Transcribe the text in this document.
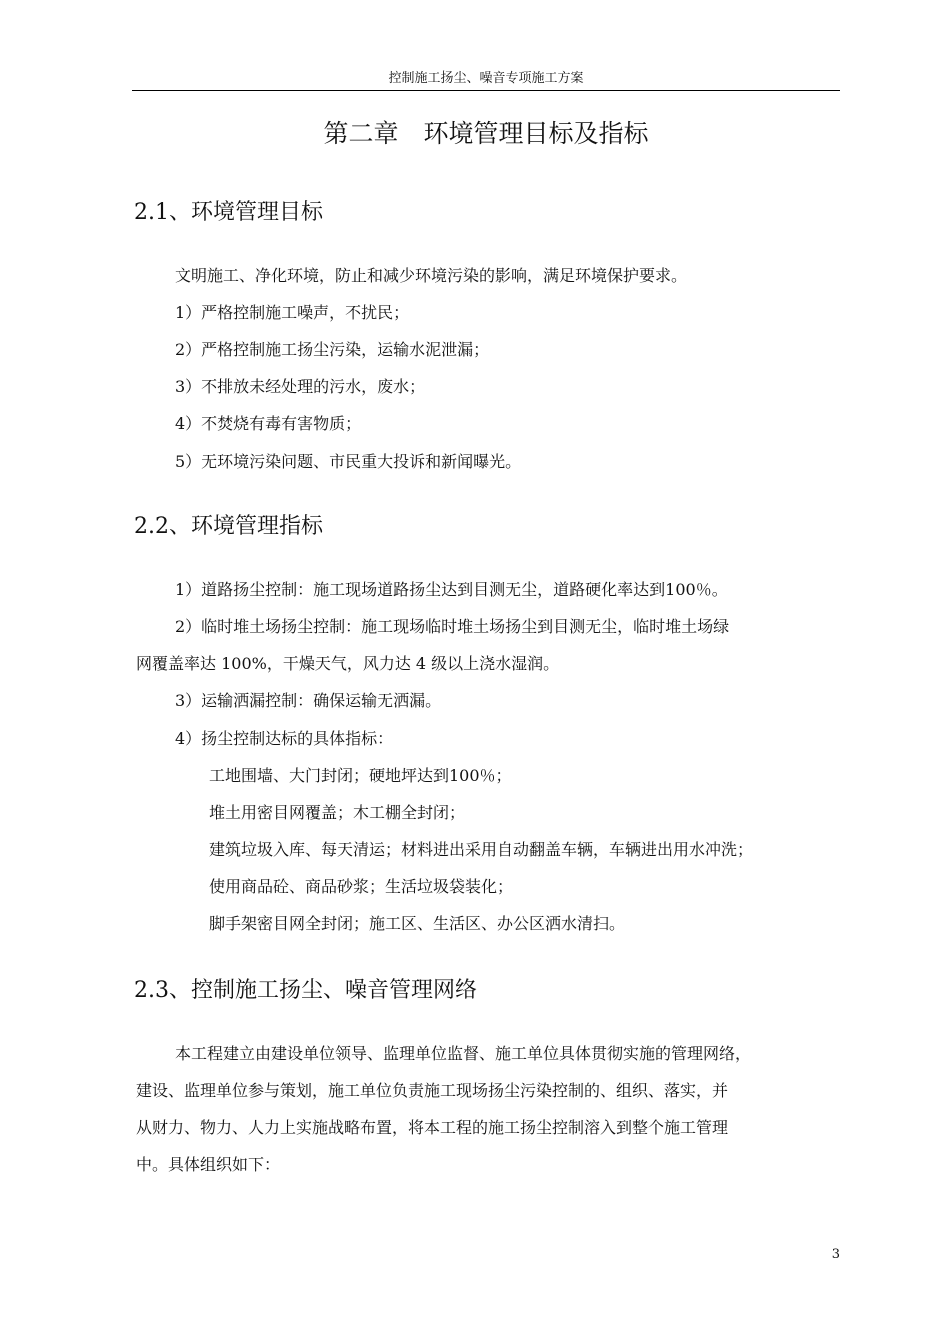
控制施工扬尘、噪音专项施工方案
第二章　环境管理目标及指标
2.1、环境管理目标
文明施工、净化环境，防止和减少环境污染的影响，满足环境保护要求。
1）严格控制施工噪声，不扰民；
2）严格控制施工扬尘污染，运输水泥泄漏；
3）不排放未经处理的污水，废水；
4）不焚烧有毒有害物质；
5）无环境污染问题、市民重大投诉和新闻曝光。
2.2、环境管理指标
1）道路扬尘控制：施工现场道路扬尘达到目测无尘，道路硬化率达到100％。
2）临时堆土场扬尘控制：施工现场临时堆土场扬尘到目测无尘，临时堆土场绿
网覆盖率达 100%，干燥天气，风力达 4 级以上浇水湿润。
3）运输洒漏控制：确保运输无洒漏。
4）扬尘控制达标的具体指标：
工地围墙、大门封闭；硬地坪达到100％；
堆土用密目网覆盖；木工棚全封闭；
建筑垃圾入库、每天清运；材料进出采用自动翻盖车辆，车辆进出用水冲洗；
使用商品砼、商品砂浆；生活垃圾袋装化；
脚手架密目网全封闭；施工区、生活区、办公区洒水清扫。
2.3、控制施工扬尘、噪音管理网络
本工程建立由建设单位领导、监理单位监督、施工单位具体贯彻实施的管理网络，
建设、监理单位参与策划，施工单位负责施工现场扬尘污染控制的、组织、落实，并
从财力、物力、人力上实施战略布置，将本工程的施工扬尘控制溶入到整个施工管理
中。具体组织如下：
3
